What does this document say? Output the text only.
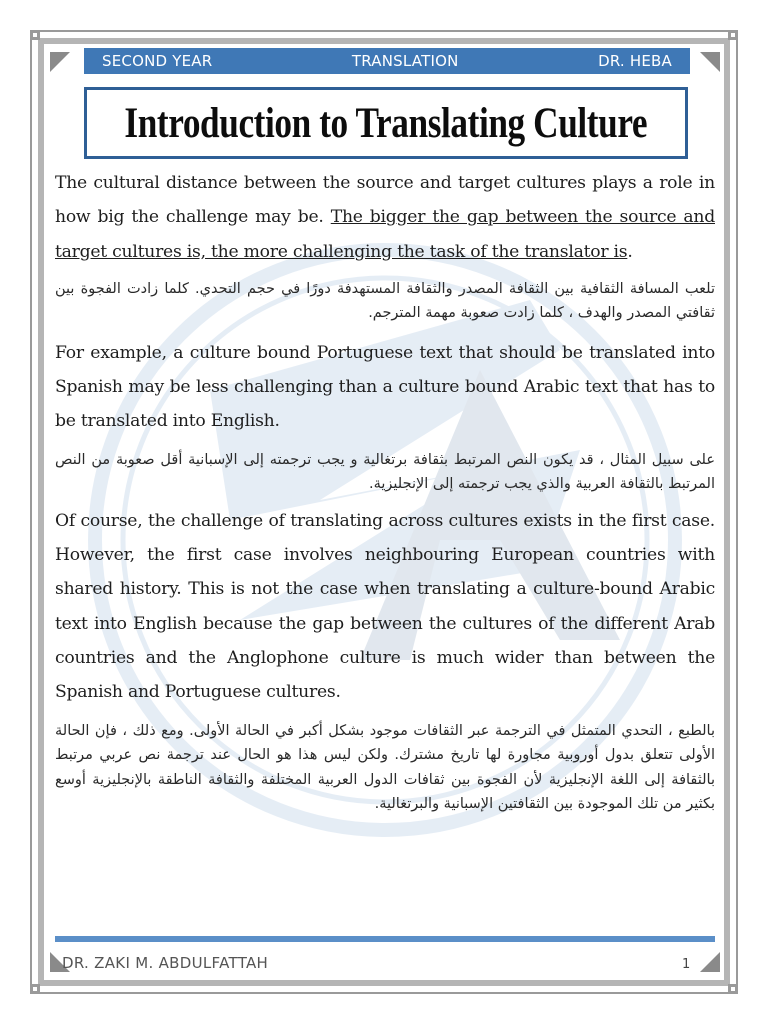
SECOND YEAR	TRANSLATION	DR. HEBA
Introduction to Translating Culture

The cultural distance between the source and target cultures plays a role in how big the challenge may be. The bigger the gap between the source and target cultures is, the more challenging the task of the translator is.

تلعب المسافة الثقافية بين الثقافة المصدر والثقافة المستهدفة دورًا في حجم التحدي. كلما زادت الفجوة بين ثقافتي المصدر والهدف ، كلما زادت صعوبة مهمة المترجم.

For example, a culture bound Portuguese text that should be translated into Spanish may be less challenging than a culture bound Arabic text that has to be translated into English.

على سبيل المثال ، قد يكون النص المرتبط بثقافة برتغالية و يجب ترجمته إلى الإسبانية أقل صعوبة من النص المرتبط بالثقافة العربية والذي يجب ترجمته إلى الإنجليزية.

Of course, the challenge of translating across cultures exists in the first case. However, the first case involves neighbouring European countries with shared history. This is not the case when translating a culture-bound Arabic text into English because the gap between the cultures of the different Arab countries and the Anglophone culture is much wider than between the Spanish and Portuguese cultures.

بالطبع ، التحدي المتمثل في الترجمة عبر الثقافات موجود بشكل أكبر في الحالة الأولى. ومع ذلك ، فإن الحالة الأولى تتعلق بدول أوروبية مجاورة لها تاريخ مشترك. ولكن ليس هذا هو الحال عند ترجمة نص عربي مرتبط بالثقافة إلى اللغة الإنجليزية لأن الفجوة بين ثقافات الدول العربية المختلفة والثقافة الناطقة بالإنجليزية أوسع بكثير من تلك الموجودة بين الثقافتين الإسبانية والبرتغالية.

DR. ZAKI M. ABDULFATTAH	1
